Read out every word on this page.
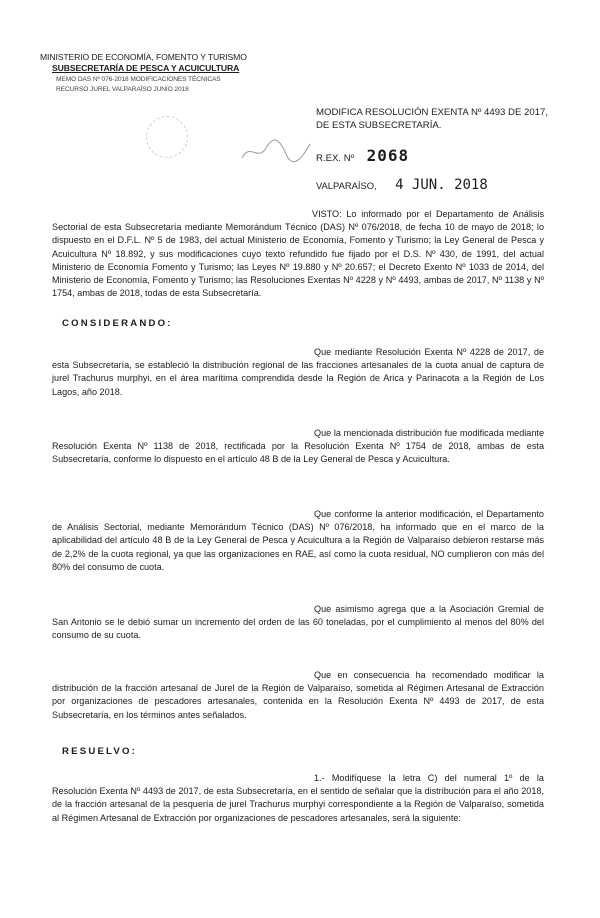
MINISTERIO DE ECONOMÍA, FOMENTO Y TURISMO
SUBSECRETARÍA DE PESCA Y ACUICULTURA
MEMO DAS Nº 076-2018 MODIFICACIONES TÉCNICAS
RECURSO JUREL VALPARAÍSO JUNIO 2018
MODIFICA RESOLUCIÓN EXENTA Nº 4493 DE 2017,
DE ESTA SUBSECRETARÍA.
R.EX. Nº 2068
VALPARAÍSO, 4 JUN. 2018

VISTO: Lo informado por el Departamento de Análisis Sectorial de esta Subsecretaría mediante Memorándum Técnico (DAS) Nº 076/2018, de fecha 10 de mayo de 2018; lo dispuesto en el D.F.L. Nº 5 de 1983, del actual Ministerio de Economía, Fomento y Turismo; la Ley General de Pesca y Acuicultura Nº 18.892, y sus modificaciones cuyo texto refundido fue fijado por el D.S. Nº 430, de 1991, del actual Ministerio de Economía Fomento y Turismo; las Leyes Nº 19.880 y Nº 20.657; el Decreto Exento Nº 1033 de 2014, del Ministerio de Economía, Fomento y Turismo; las Resoluciones Exentas Nº 4228 y Nº 4493, ambas de 2017, Nº 1138 y Nº 1754, ambas de 2018, todas de esta Subsecretaría.

CONSIDERANDO:

Que mediante Resolución Exenta Nº 4228 de 2017, de esta Subsecretaría, se estableció la distribución regional de las fracciones artesanales de la cuota anual de captura de jurel Trachurus murphyi, en el área marítima comprendida desde la Región de Arica y Parinacota a la Región de Los Lagos, año 2018.

Que la mencionada distribución fue modificada mediante Resolución Exenta Nº 1138 de 2018, rectificada por la Resolución Exenta Nº 1754 de 2018, ambas de esta Subsecretaría, conforme lo dispuesto en el artículo 48 B de la Ley General de Pesca y Acuicultura.

Que conforme la anterior modificación, el Departamento de Análisis Sectorial, mediante Memorándum Técnico (DAS) Nº 076/2018, ha informado que en el marco de la aplicabilidad del artículo 48 B de la Ley General de Pesca y Acuicultura a la Región de Valparaíso debieron restarse más de 2,2% de la cuota regional, ya que las organizaciones en RAE, así como la cuota residual, NO cumplieron con más del 80% del consumo de cuota.

Que asimismo agrega que a la Asociación Gremial de San Antonio se le debió sumar un incremento del orden de las 60 toneladas, por el cumplimiento al menos del 80% del consumo de su cuota.

Que en consecuencia ha recomendado modificar la distribución de la fracción artesanal de Jurel de la Región de Valparaíso, sometida al Régimen Artesanal de Extracción por organizaciones de pescadores artesanales, contenida en la Resolución Exenta Nº 4493 de 2017, de esta Subsecretaría, en los términos antes señalados.

RESUELVO:

1.- Modifíquese la letra C) del numeral 1º de la Resolución Exenta Nº 4493 de 2017, de esta Subsecretaría, en el sentido de señalar que la distribución para el año 2018, de la fracción artesanal de la pesquería de jurel Trachurus murphyi correspondiente a la Región de Valparaíso, sometida al Régimen Artesanal de Extracción por organizaciones de pescadores artesanales, será la siguiente:
